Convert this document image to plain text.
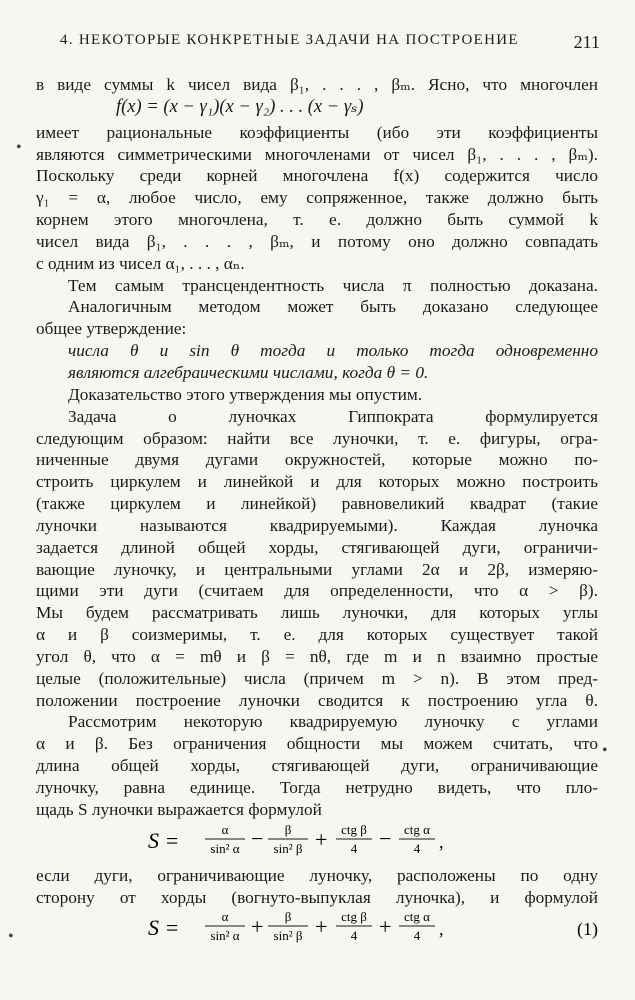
4. НЕКОТОРЫЕ КОНКРЕТНЫЕ ЗАДАЧИ НА ПОСТРОЕНИЕ	211
•
•
•
в виде суммы k чисел вида β₁, . . . , βₘ. Ясно, что многочлен
f(x) = (x − γ₁)(x − γ₂) . . . (x − γₛ)
имеет рациональные коэффициенты (ибо эти коэффициенты
являются симметрическими многочленами от чисел β₁, . . . , βₘ).
Поскольку среди корней многочлена f(x) содержится число
γ₁ = α, любое число, ему сопряженное, также должно быть
корнем этого многочлена, т. е. должно быть суммой k
чисел вида β₁, . . . , βₘ, и потому оно должно совпадать
с одним из чисел α₁, . . . , αₙ.
Тем самым трансцендентность числа π полностью доказана.
Аналогичным методом может быть доказано следующее
общее утверждение:
числа θ и sin θ тогда и только тогда одновременно
являются алгебраическими числами, когда θ = 0.
Доказательство этого утверждения мы опустим.
Задача о луночках Гиппократа формулируется
следующим образом: найти все луночки, т. е. фигуры, огра-
ниченные двумя дугами окружностей, которые можно по-
строить циркулем и линейкой и для которых можно построить
(также циркулем и линейкой) равновеликий квадрат (такие
луночки называются квадрируемыми). Каждая луночка
задается длиной общей хорды, стягивающей дуги, ограничи-
вающие луночку, и центральными углами 2α и 2β, измеряю-
щими эти дуги (считаем для определенности, что α > β).
Мы будем рассматривать лишь луночки, для которых углы
α и β соизмеримы, т. е. для которых существует такой
угол θ, что α = mθ и β = nθ, где m и n взаимно простые
целые (положительные) числа (причем m > n). В этом пред-
положении построение луночки сводится к построению угла θ.
Рассмотрим некоторую квадрируемую луночку с углами
α и β. Без ограничения общности мы можем считать, что
длина общей хорды, стягивающей дуги, ограничивающие
луночку, равна единице. Тогда нетрудно видеть, что пло-
щадь S луночки выражается формулой
S =	α
sin² α − β
sin² β + ctg β
4 − ctg α
4 ,
если дуги, ограничивающие луночку, расположены по одну
сторону от хорды (вогнуто-выпуклая луночка), и формулой
S =	α
sin² α + β
sin² β + ctg β
4 + ctg α
4 ,	(1)
